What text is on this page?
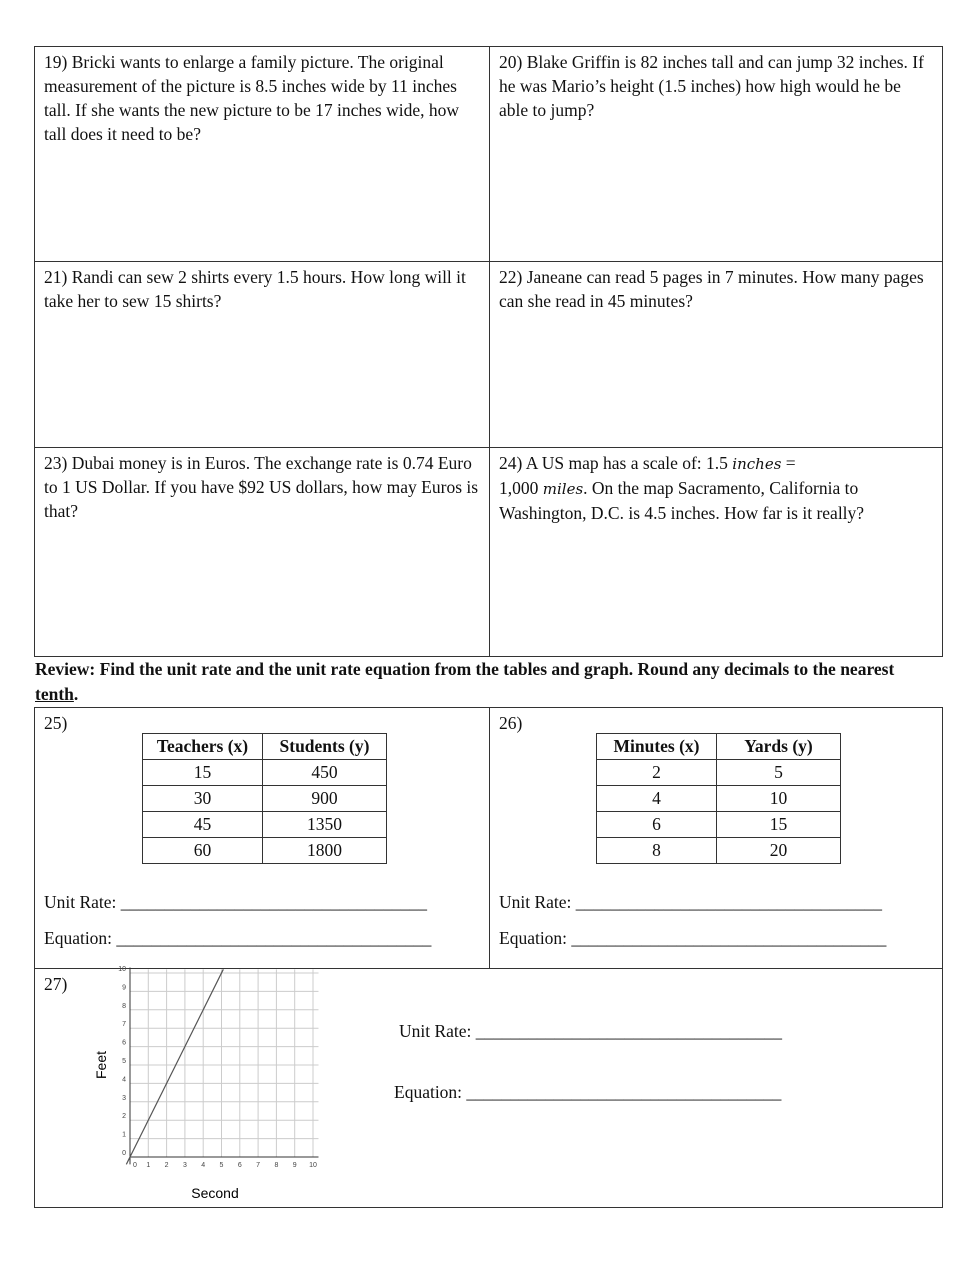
19) Bricki wants to enlarge a family picture. The original measurement of the picture is 8.5 inches wide by 11 inches tall. If she wants the new picture to be 17 inches wide, how tall does it need to be?
20) Blake Griffin is 82 inches tall and can jump 32 inches. If he was Mario’s height (1.5 inches) how high would he be able to jump?
21) Randi can sew 2 shirts every 1.5 hours. How long will it take her to sew 15 shirts?
22) Janeane can read 5 pages in 7 minutes. How many pages can she read in 45 minutes?
23) Dubai money is in Euros. The exchange rate is 0.74 Euro to 1 US Dollar. If you have $92 US dollars, how may Euros is that?
24) A US map has a scale of: 1.5 inches =
1,000 miles. On the map Sacramento, California to Washington, D.C. is 4.5 inches. How far is it really?
Review: Find the unit rate and the unit rate equation from the tables and graph. Round any decimals to the nearest tenth.
25)
Teachers (x)	Students (y)
15	450
30	900
45	1350
60	1800
Unit Rate: ___________________________________
Equation: ____________________________________
26)
Minutes (x)	Yards (y)
2	5
4	10
6	15
8	20
Unit Rate: ___________________________________
Equation: ____________________________________
27)
Unit Rate: ___________________________________
Equation: ____________________________________
0 1 2 3 4 5 6 7 8 9 10
0
1
2
3
4
5
6
7
8
9
10
Second
Feet
